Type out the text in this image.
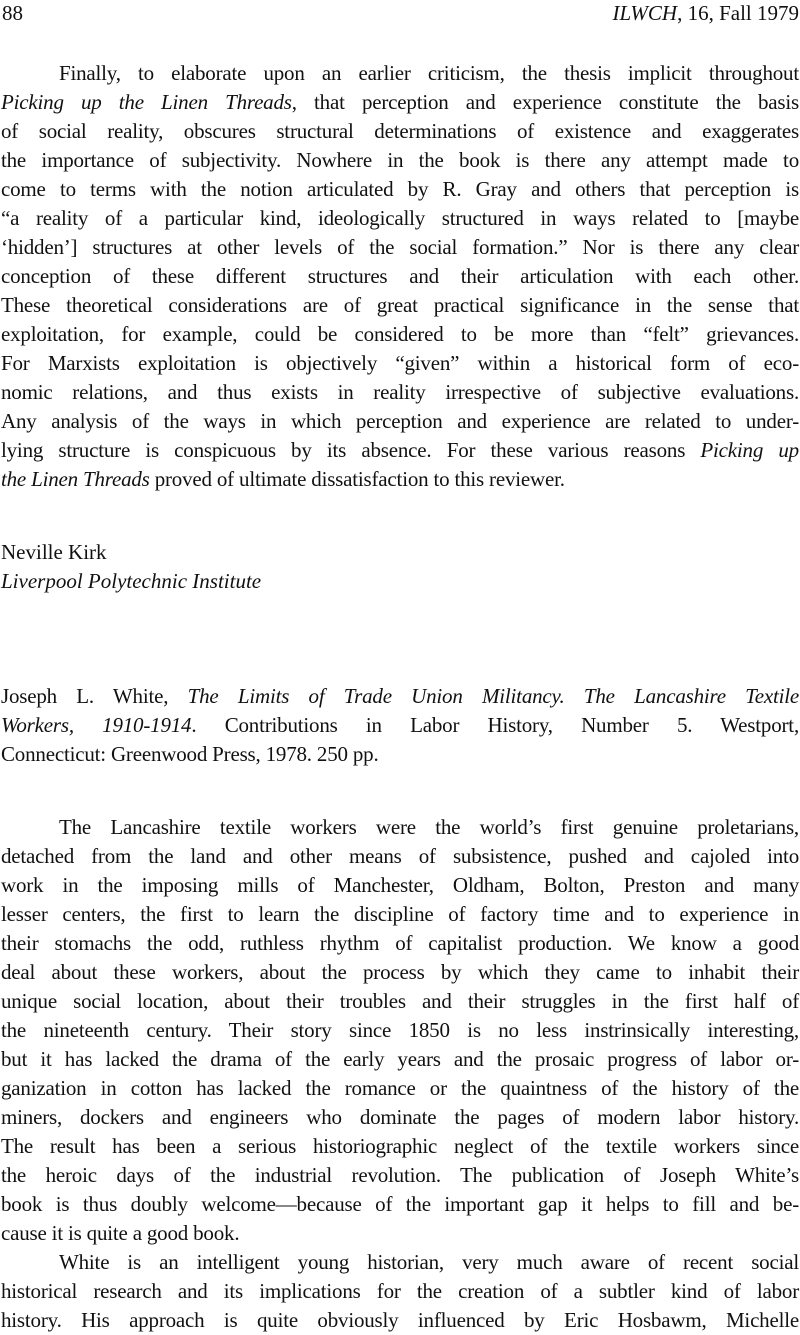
88	ILWCH, 16, Fall 1979
Finally, to elaborate upon an earlier criticism, the thesis implicit throughout
Picking up the Linen Threads, that perception and experience constitute the basis
of social reality, obscures structural determinations of existence and exaggerates
the importance of subjectivity. Nowhere in the book is there any attempt made to
come to terms with the notion articulated by R. Gray and others that perception is
“a reality of a particular kind, ideologically structured in ways related to [maybe
‘hidden’] structures at other levels of the social formation.” Nor is there any clear
conception of these different structures and their articulation with each other.
These theoretical considerations are of great practical significance in the sense that
exploitation, for example, could be considered to be more than “felt” grievances.
For Marxists exploitation is objectively “given” within a historical form of eco-
nomic relations, and thus exists in reality irrespective of subjective evaluations.
Any analysis of the ways in which perception and experience are related to under-
lying structure is conspicuous by its absence. For these various reasons Picking up
the Linen Threads proved of ultimate dissatisfaction to this reviewer.
Neville Kirk
Liverpool Polytechnic Institute
Joseph L. White, The Limits of Trade Union Militancy. The Lancashire Textile
Workers, 1910-1914. Contributions in Labor History, Number 5. Westport,
Connecticut: Greenwood Press, 1978. 250 pp.
The Lancashire textile workers were the world’s first genuine proletarians,
detached from the land and other means of subsistence, pushed and cajoled into
work in the imposing mills of Manchester, Oldham, Bolton, Preston and many
lesser centers, the first to learn the discipline of factory time and to experience in
their stomachs the odd, ruthless rhythm of capitalist production. We know a good
deal about these workers, about the process by which they came to inhabit their
unique social location, about their troubles and their struggles in the first half of
the nineteenth century. Their story since 1850 is no less instrinsically interesting,
but it has lacked the drama of the early years and the prosaic progress of labor or-
ganization in cotton has lacked the romance or the quaintness of the history of the
miners, dockers and engineers who dominate the pages of modern labor history.
The result has been a serious historiographic neglect of the textile workers since
the heroic days of the industrial revolution. The publication of Joseph White’s
book is thus doubly welcome—because of the important gap it helps to fill and be-
cause it is quite a good book.
White is an intelligent young historian, very much aware of recent social
historical research and its implications for the creation of a subtler kind of labor
history. His approach is quite obviously influenced by Eric Hosbawm, Michelle
